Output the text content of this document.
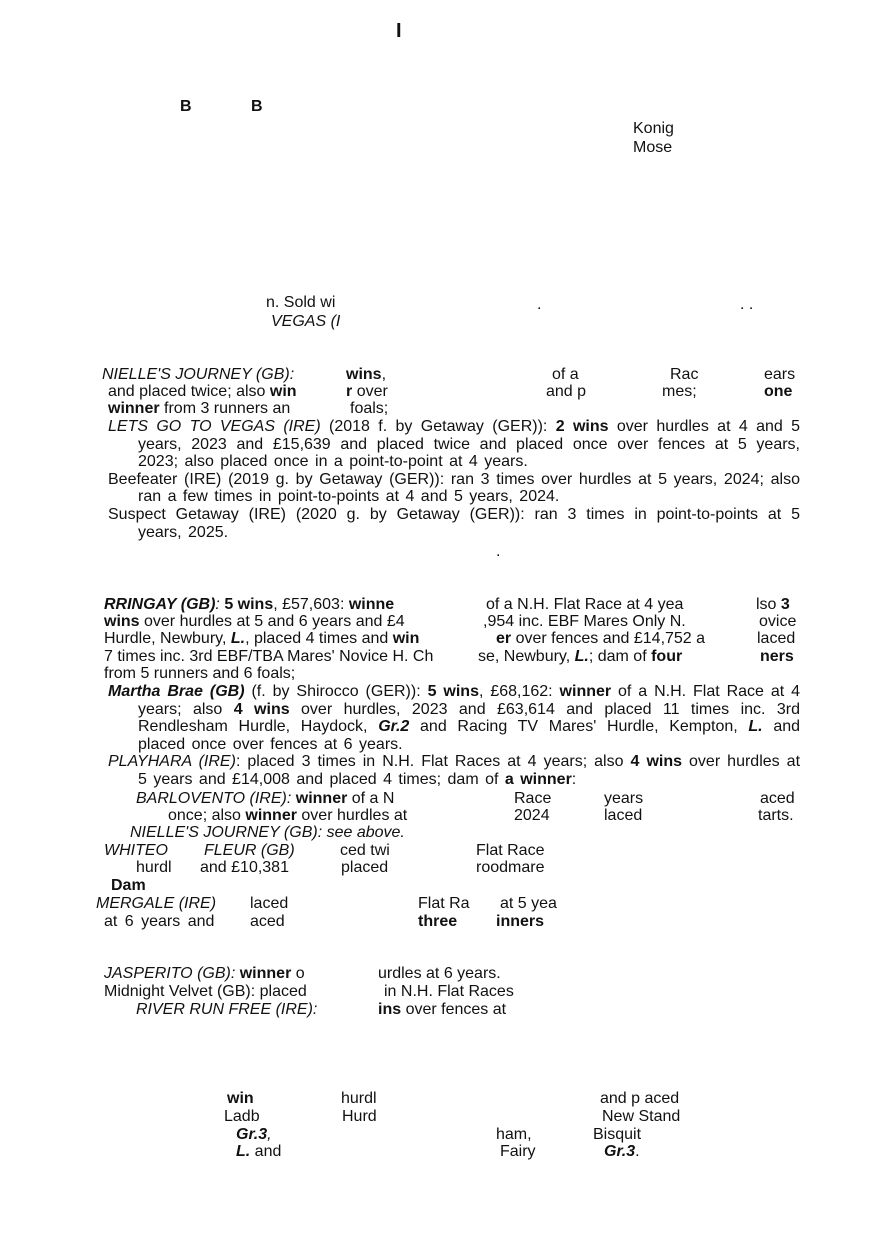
I
B	B
Konig
Mose
n. Sold wi
VEGAS (I
.	. .
NIELLE'S JOURNEY (GB):	wins,	of a	Rac	ears
and placed twice; also win	r over	and p	mes;	one
winner from 3 runners an	foals;

LETS GO TO VEGAS (IRE) (2018 f. by Getaway (GER)): 2 wins over hurdles at 4 and 5 years, 2023 and £15,639 and placed twice and placed once over fences at 5 years, 2023; also placed once in a point-to-point at 4 years.

Beefeater (IRE) (2019 g. by Getaway (GER)): ran 3 times over hurdles at 5 years, 2024; also ran a few times in point-to-points at 4 and 5 years, 2024.

Suspect Getaway (IRE) (2020 g. by Getaway (GER)): ran 3 times in point-to-points at 5 years, 2025.

.
RRINGAY (GB): 5 wins, £57,603: winne	of a N.H. Flat Race at 4 yea	lso 3
wins over hurdles at 5 and 6 years and £4	,954 inc. EBF Mares Only N.	ovice
Hurdle, Newbury, L., placed 4 times and win	er over fences and £14,752 a	laced
7 times inc. 3rd EBF/TBA Mares' Novice H. Ch	se, Newbury, L.; dam of four	ners
from 5 runners and 6 foals;

Martha Brae (GB) (f. by Shirocco (GER)): 5 wins, £68,162: winner of a N.H. Flat Race at 4 years; also 4 wins over hurdles, 2023 and £63,614 and placed 11 times inc. 3rd Rendlesham Hurdle, Haydock, Gr.2 and Racing TV Mares' Hurdle, Kempton, L. and placed once over fences at 6 years.

PLAYHARA (IRE): placed 3 times in N.H. Flat Races at 4 years; also 4 wins over hurdles at 5 years and £14,008 and placed 4 times; dam of a winner:

BARLOVENTO (IRE): winner of a N	Race	years	aced
once; also winner over hurdles at	2024	laced	tarts.
NIELLE'S JOURNEY (GB): see above.
WHITEO FLEUR (GB)	ced twi	Flat Race
hurdl and £10,381	placed	roodmare
Dam
MERGALE (IRE) laced	Flat Ra at 5 yea
at 6 years and aced	three inners
JASPERITO (GB): winner o	urdles at 6 years.
Midnight Velvet (GB): placed	in N.H. Flat Races
RIVER RUN FREE (IRE):	ins over fences at
win	hurdl	and p aced
Ladb	Hurd	New Stand
Gr.3,	ham,	Bisquit
L. and	Fairy	Gr.3.
